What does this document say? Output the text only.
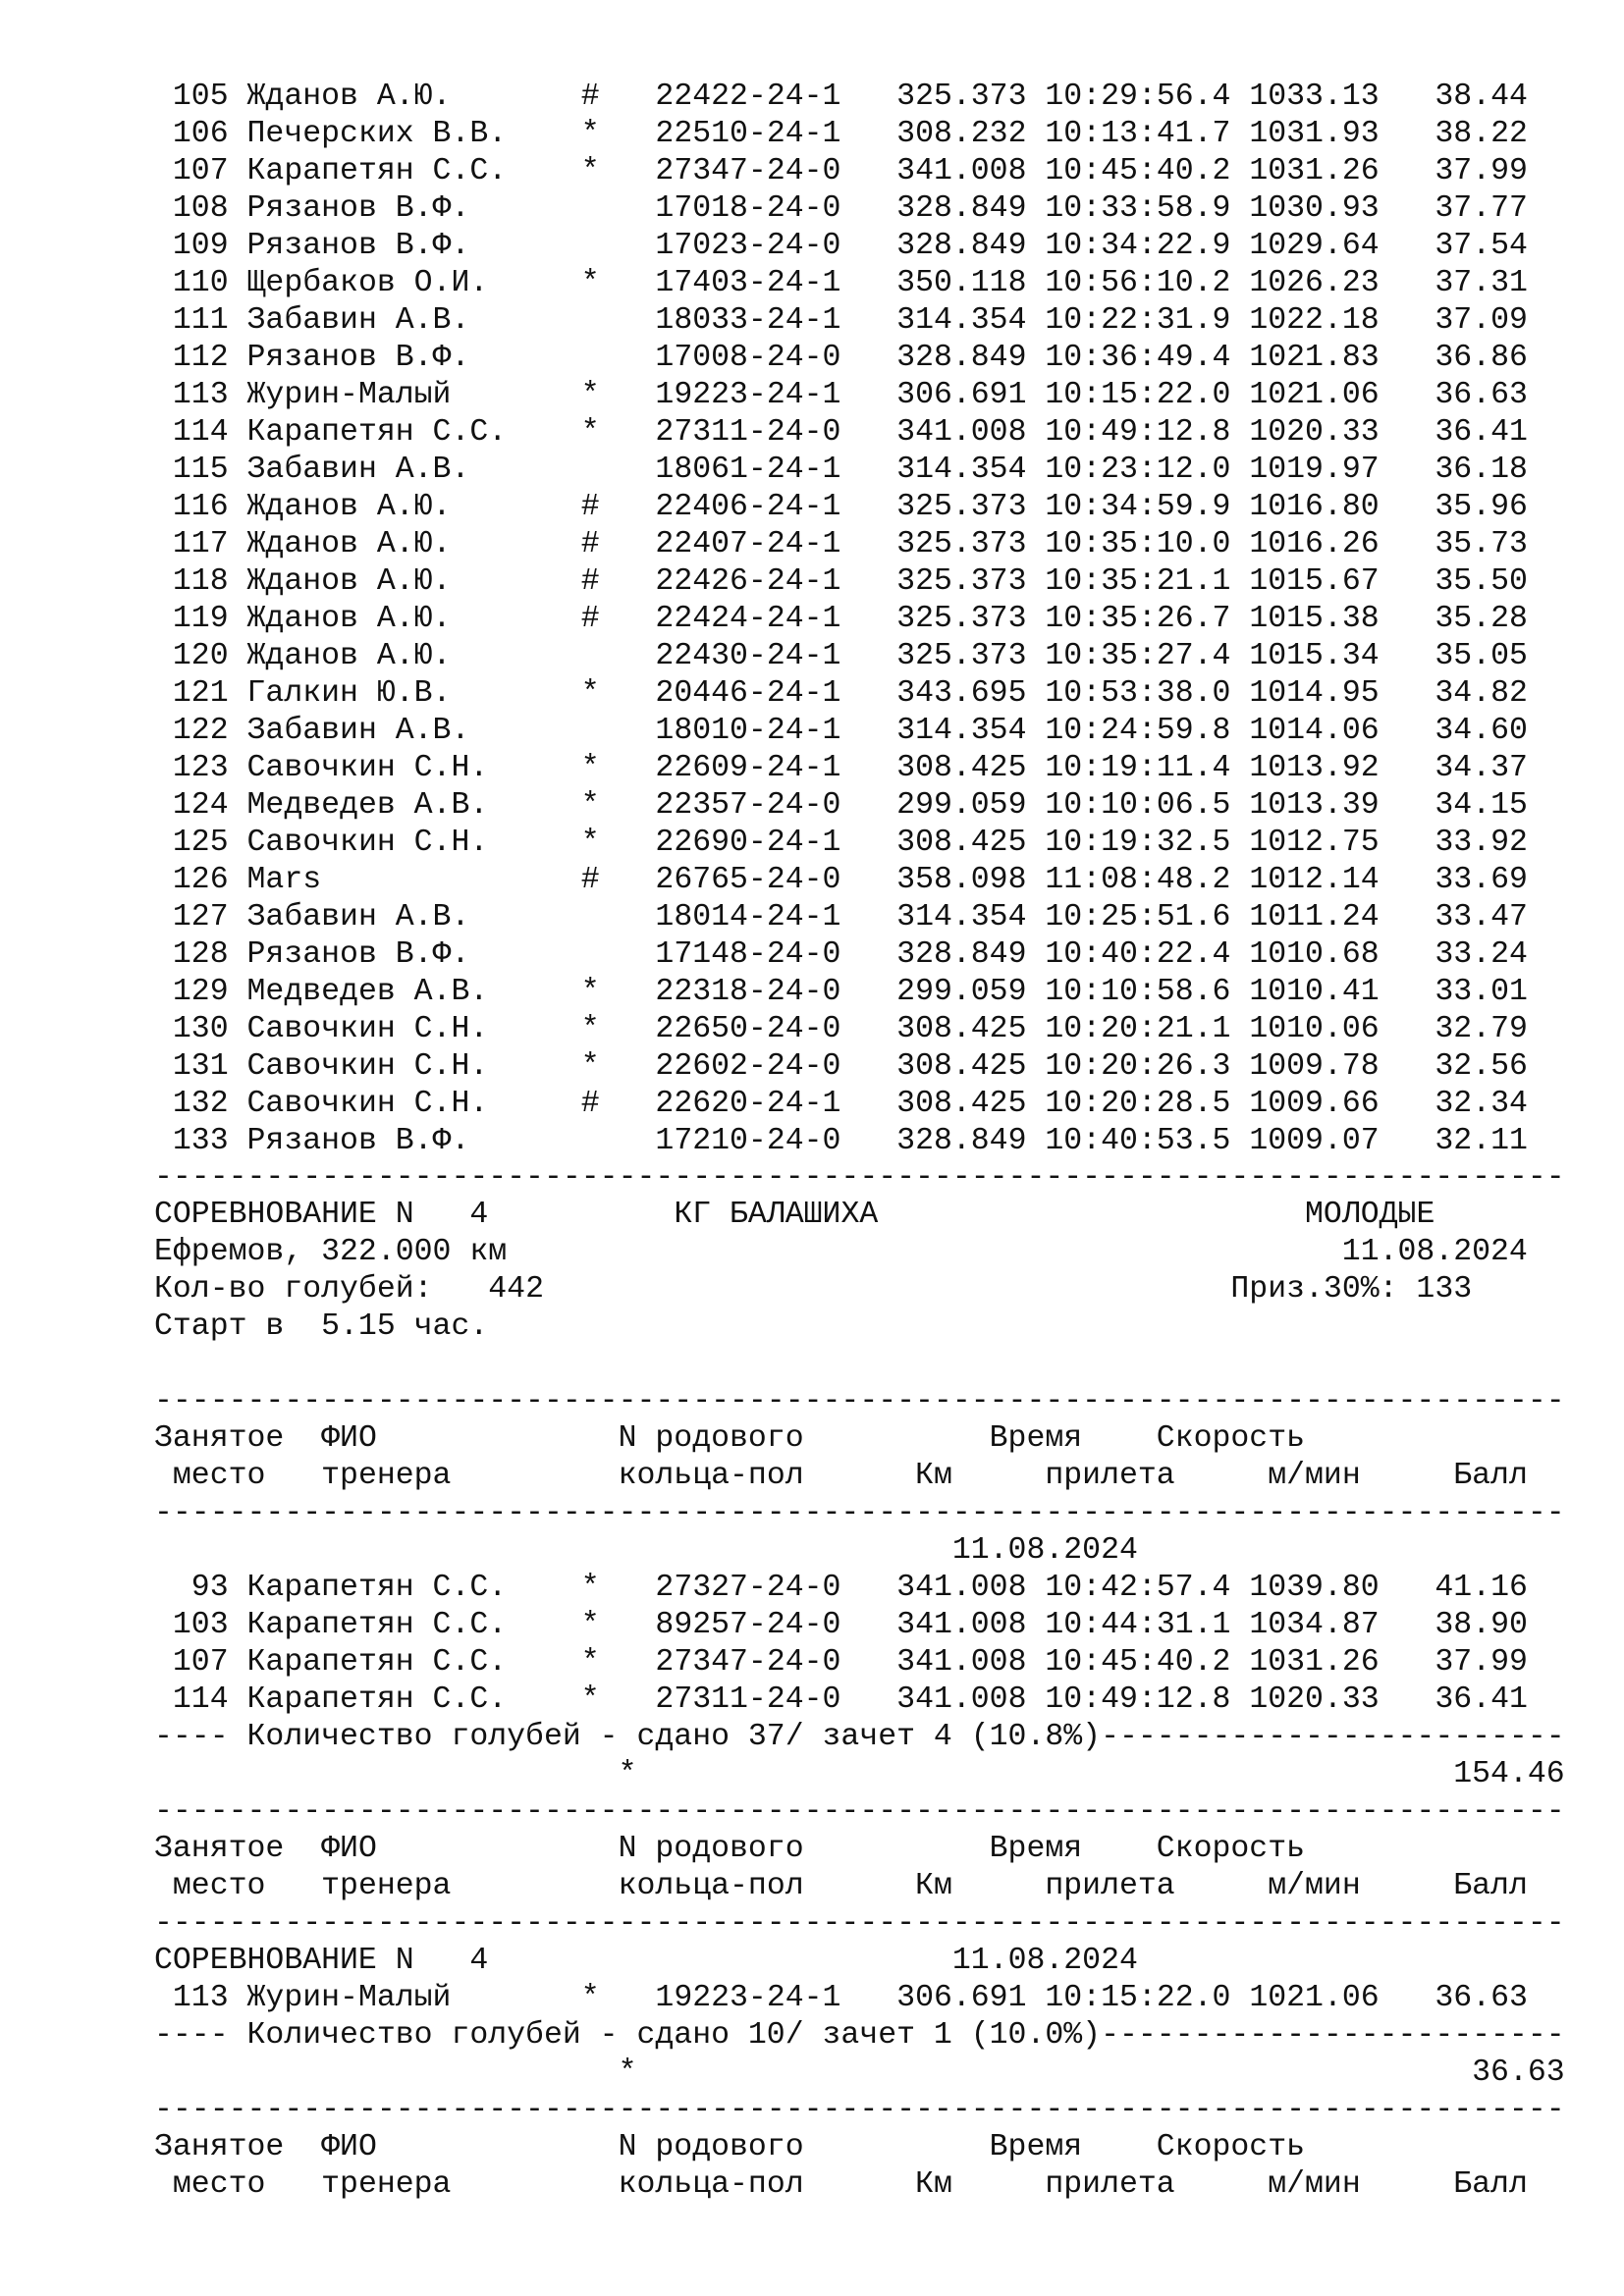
105 Жданов А.Ю.       # 22422-24-1   325.373 10:29:56.4 1033.13   38.44
106 Печерских В.В.    * 22510-24-1   308.232 10:13:41.7 1031.93   38.22
107 Карапетян С.С.    * 27347-24-0   341.008 10:45:40.2 1031.26   37.99
108 Рязанов В.Ф.	17018-24-0   328.849 10:33:58.9 1030.93   37.77
109 Рязанов В.Ф.	17023-24-0   328.849 10:34:22.9 1029.64   37.54
110 Щербаков О.И.     * 17403-24-1   350.118 10:56:10.2 1026.23   37.31
111 Забавин А.В.	18033-24-1   314.354 10:22:31.9 1022.18   37.09
112 Рязанов В.Ф.	17008-24-0   328.849 10:36:49.4 1021.83   36.86
113 Журин-Малый       * 19223-24-1   306.691 10:15:22.0 1021.06   36.63
114 Карапетян С.С.    * 27311-24-0   341.008 10:49:12.8 1020.33   36.41
115 Забавин А.В.	18061-24-1   314.354 10:23:12.0 1019.97   36.18
116 Жданов А.Ю.       # 22406-24-1   325.373 10:34:59.9 1016.80   35.96
117 Жданов А.Ю.       # 22407-24-1   325.373 10:35:10.0 1016.26   35.73
118 Жданов А.Ю.       # 22426-24-1   325.373 10:35:21.1 1015.67   35.50
119 Жданов А.Ю.       # 22424-24-1   325.373 10:35:26.7 1015.38   35.28
120 Жданов А.Ю.	22430-24-1   325.373 10:35:27.4 1015.34   35.05
121 Галкин Ю.В.       * 20446-24-1   343.695 10:53:38.0 1014.95   34.82
122 Забавин А.В.	18010-24-1   314.354 10:24:59.8 1014.06   34.60
123 Савочкин С.Н.     * 22609-24-1   308.425 10:19:11.4 1013.92   34.37
124 Медведев А.В.     * 22357-24-0   299.059 10:10:06.5 1013.39   34.15
125 Савочкин С.Н.     * 22690-24-1   308.425 10:19:32.5 1012.75   33.92
126 Mars              # 26765-24-0   358.098 11:08:48.2 1012.14   33.69
127 Забавин А.В.	18014-24-1   314.354 10:25:51.6 1011.24   33.47
128 Рязанов В.Ф.	17148-24-0   328.849 10:40:22.4 1010.68   33.24
129 Медведев А.В.     * 22318-24-0   299.059 10:10:58.6 1010.41   33.01
130 Савочкин С.Н.     * 22650-24-0   308.425 10:20:21.1 1010.06   32.79
131 Савочкин С.Н.     * 22602-24-0   308.425 10:20:26.3 1009.78   32.56
132 Савочкин С.Н.     # 22620-24-1   308.425 10:20:28.5 1009.66   32.34
133 Рязанов В.Ф.	17210-24-0   328.849 10:40:53.5 1009.07   32.11
----------------------------------------------------------------------------
СОРЕВНОВАНИЕ N 4	КГ БАЛАШИХА	МОЛОДЫЕ
Ефремов, 322.000 км                                             11.08.2024
Кол-во голубей: 442	Приз.30%: 133
Старт в  5.15 час.
----------------------------------------------------------------------------
Занятое ФИО             N родового	Время Скорость
место тренера         кольца-пол	Км	прилета	м/мин	Балл
----------------------------------------------------------------------------
11.08.2024
93 Карапетян С.С.    * 27327-24-0   341.008 10:42:57.4 1039.80   41.16
103 Карапетян С.С.    * 89257-24-0   341.008 10:44:31.1 1034.87   38.90
107 Карапетян С.С.    * 27347-24-0   341.008 10:45:40.2 1031.26   37.99
114 Карапетян С.С.    * 27311-24-0   341.008 10:49:12.8 1020.33   36.41
---- Количество голубей - сдано 37/ зачет 4 (10.8%)-------------------------
*	154.46
----------------------------------------------------------------------------
Занятое ФИО             N родового	Время Скорость
место тренера         кольца-пол	Км	прилета	м/мин	Балл
----------------------------------------------------------------------------
СОРЕВНОВАНИЕ N 4	11.08.2024
113 Журин-Малый       * 19223-24-1   306.691 10:15:22.0 1021.06   36.63
---- Количество голубей - сдано 10/ зачет 1 (10.0%)-------------------------
*	36.63
----------------------------------------------------------------------------
Занятое ФИО             N родового	Время Скорость
место тренера         кольца-пол	Км	прилета	м/мин	Балл
